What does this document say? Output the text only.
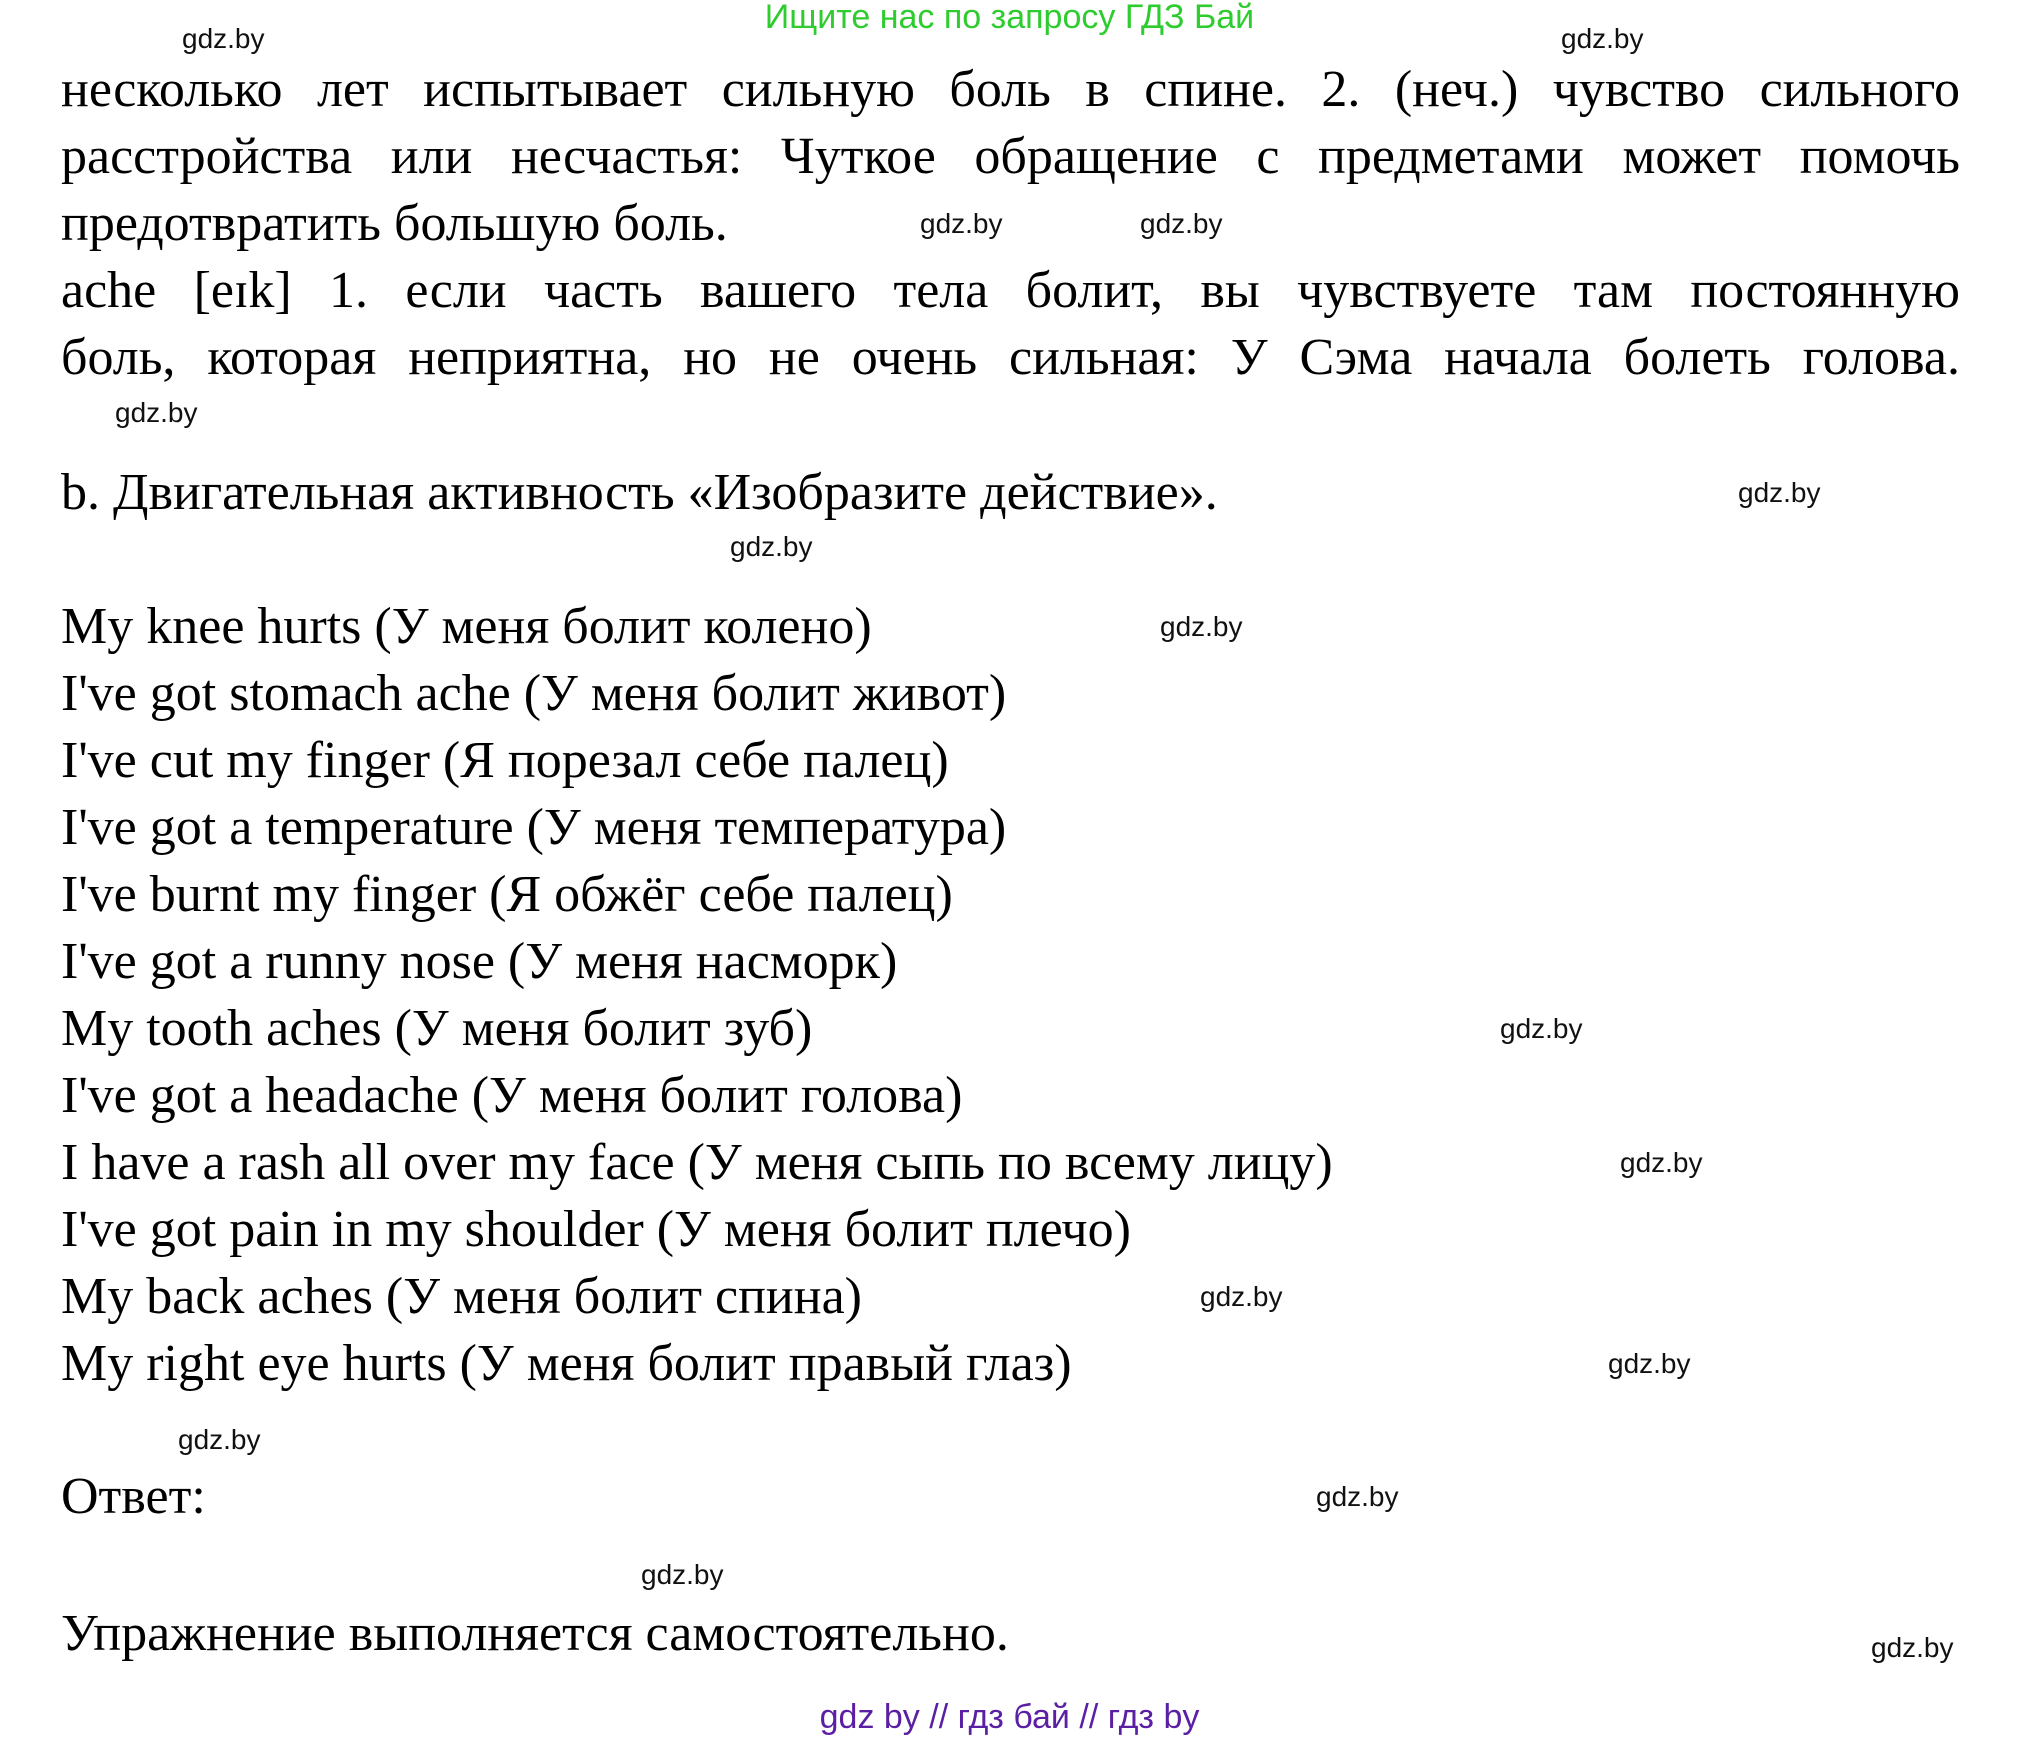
Ищите нас по запросу ГДЗ Бай
несколько лет испытывает сильную боль в спине. 2. (неч.) чувство сильного
расстройства или несчастья: Чуткое обращение с предметами может помочь
предотвратить большую боль.
ache [eɪk] 1. если часть вашего тела болит, вы чувствуете там постоянную
боль, которая неприятна, но не очень сильная: У Сэма начала болеть голова.
b. Двигательная активность «Изобразите действие».
My knee hurts (У меня болит колено)
I've got stomach ache (У меня болит живот)
I've cut my finger (Я порезал себе палец)
I've got a temperature (У меня температура)
I've burnt my finger (Я обжёг себе палец)
I've got a runny nose (У меня насморк)
My tooth aches (У меня болит зуб)
I've got a headache (У меня болит голова)
I have a rash all over my face (У меня сыпь по всему лицу)
I've got pain in my shoulder (У меня болит плечо)
My back aches (У меня болит спина)
My right eye hurts (У меня болит правый глаз)
Ответ:
Упражнение выполняется самостоятельно.
gdz.by
gdz.by
gdz.by	gdz.by
gdz.by
gdz.by
gdz.by
gdz.by
gdz.by
gdz.by
gdz.by
gdz.by
gdz.by
gdz.by
gdz.by
gdz.by
gdz by // гдз бай // гдз by
